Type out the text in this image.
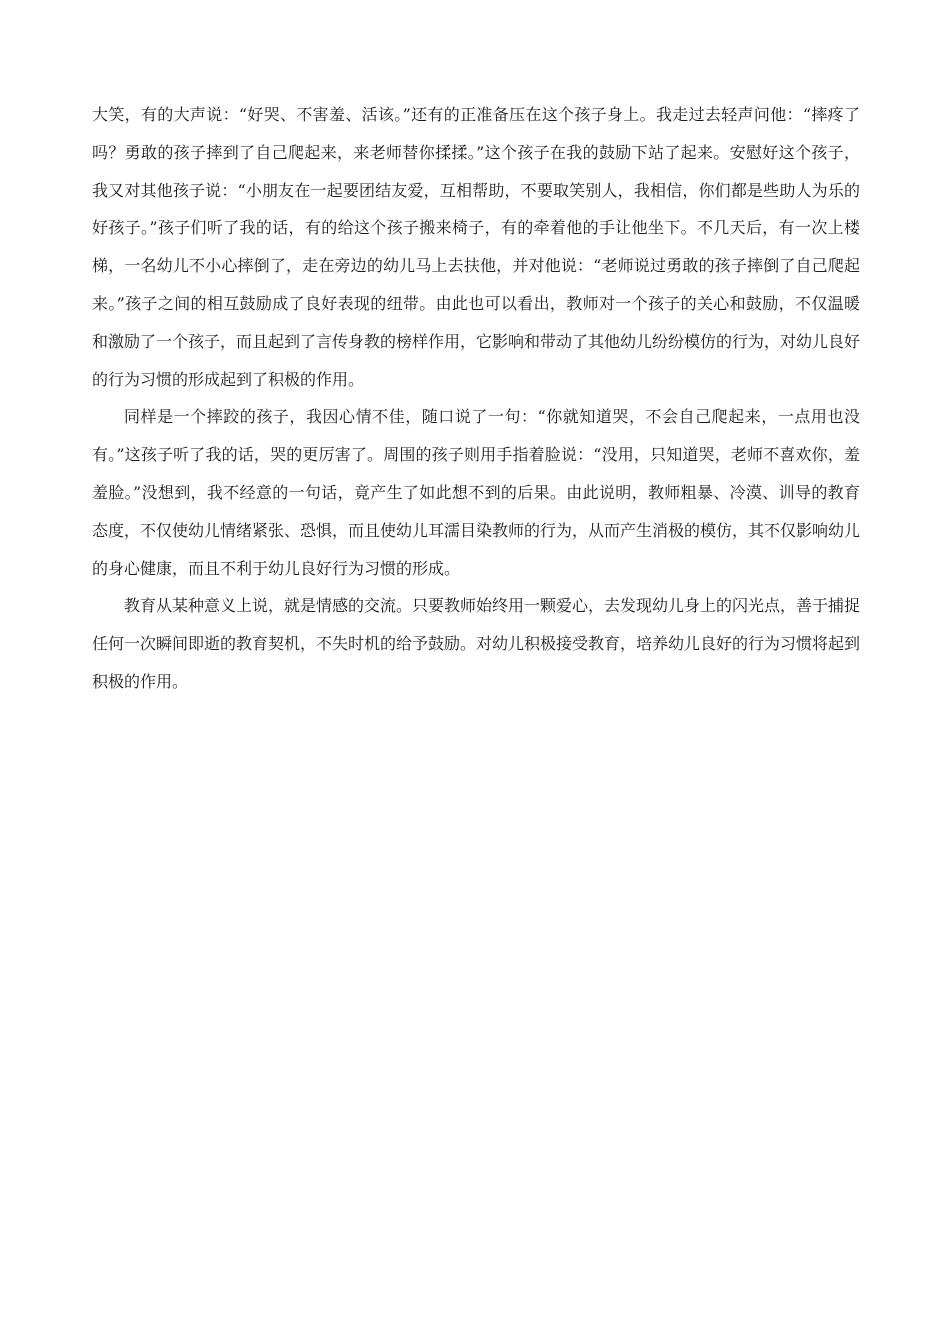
大笑，有的大声说：“好哭、不害羞、活该。”还有的正准备压在这个孩子身上。我走过去轻声问他：“摔疼了吗？勇敢的孩子摔到了自己爬起来，来老师替你揉揉。”这个孩子在我的鼓励下站了起来。安慰好这个孩子，我又对其他孩子说：“小朋友在一起要团结友爱，互相帮助，不要取笑别人，我相信，你们都是些助人为乐的好孩子。”孩子们听了我的话，有的给这个孩子搬来椅子，有的牵着他的手让他坐下。不几天后，有一次上楼梯，一名幼儿不小心摔倒了，走在旁边的幼儿马上去扶他，并对他说：“老师说过勇敢的孩子摔倒了自己爬起来。”孩子之间的相互鼓励成了良好表现的纽带。由此也可以看出，教师对一个孩子的关心和鼓励，不仅温暖和激励了一个孩子，而且起到了言传身教的榜样作用，它影响和带动了其他幼儿纷纷模仿的行为，对幼儿良好的行为习惯的形成起到了积极的作用。

同样是一个摔跤的孩子，我因心情不佳，随口说了一句：“你就知道哭，不会自己爬起来，一点用也没有。”这孩子听了我的话，哭的更厉害了。周围的孩子则用手指着脸说：“没用，只知道哭，老师不喜欢你，羞羞脸。”没想到，我不经意的一句话，竟产生了如此想不到的后果。由此说明，教师粗暴、冷漠、训导的教育态度，不仅使幼儿情绪紧张、恐惧，而且使幼儿耳濡目染教师的行为，从而产生消极的模仿，其不仅影响幼儿的身心健康，而且不利于幼儿良好行为习惯的形成。

教育从某种意义上说，就是情感的交流。只要教师始终用一颗爱心，去发现幼儿身上的闪光点，善于捕捉任何一次瞬间即逝的教育契机，不失时机的给予鼓励。对幼儿积极接受教育，培养幼儿良好的行为习惯将起到积极的作用。
